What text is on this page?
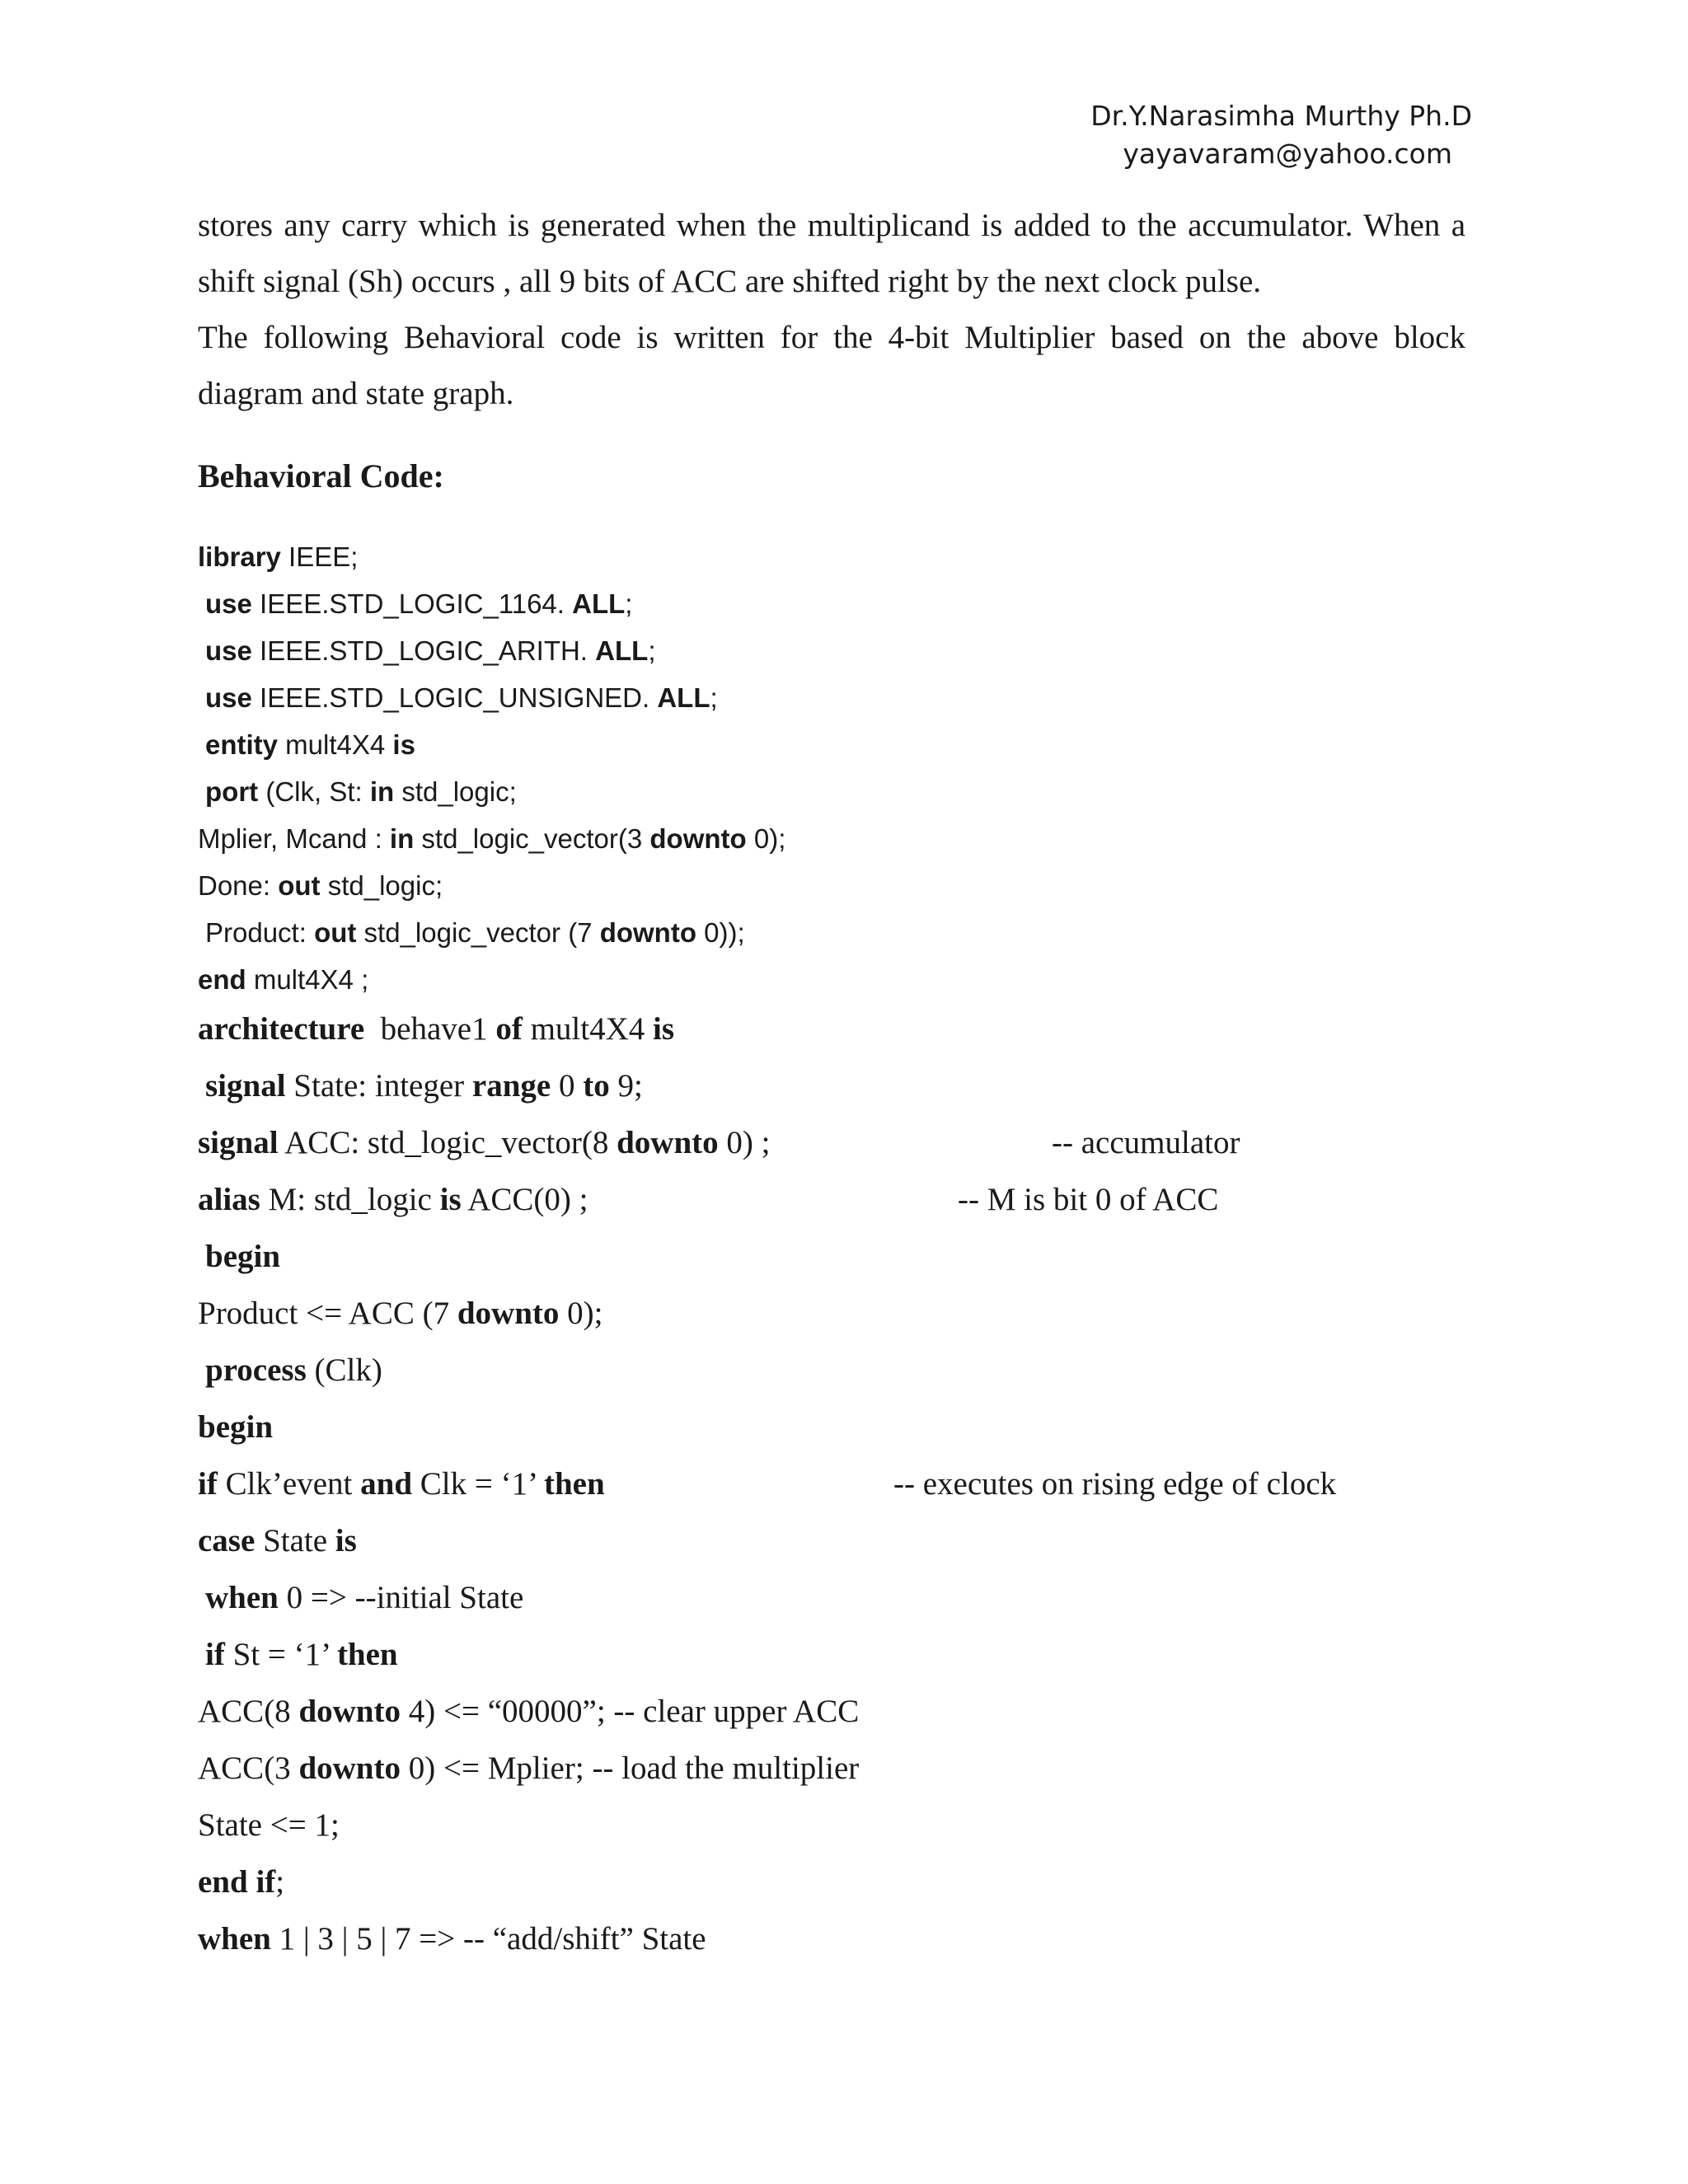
Dr.Y.Narasimha Murthy Ph.D
yayavaram@yahoo.com
stores any carry which is generated when the multiplicand is added to the accumulator. When a shift signal (Sh) occurs , all 9 bits of ACC are shifted right by the next clock pulse.
The following Behavioral code is written for the 4-bit Multiplier based on the above block diagram and state graph.
Behavioral Code:
library IEEE;
use IEEE.STD_LOGIC_1164. ALL;
use IEEE.STD_LOGIC_ARITH. ALL;
use IEEE.STD_LOGIC_UNSIGNED. ALL;
entity mult4X4 is
port (Clk, St: in std_logic;
Mplier, Mcand : in std_logic_vector(3 downto 0);
Done: out std_logic;
Product: out std_logic_vector (7 downto 0));
end mult4X4 ;
architecture  behave1 of mult4X4 is
signal State: integer range 0 to 9;
signal ACC: std_logic_vector(8 downto 0) ;	-- accumulator
alias M: std_logic is ACC(0) ;	-- M is bit 0 of ACC
begin
Product <= ACC (7 downto 0);
process (Clk)
begin
if Clk’event and Clk = ‘1’ then	-- executes on rising edge of clock
case State is
when 0 => --initial State
if St = ‘1’ then
ACC(8 downto 4) <= “00000”; -- clear upper ACC
ACC(3 downto 0) <= Mplier; -- load the multiplier
State <= 1;
end if;
when 1 | 3 | 5 | 7 => -- “add/shift” State
